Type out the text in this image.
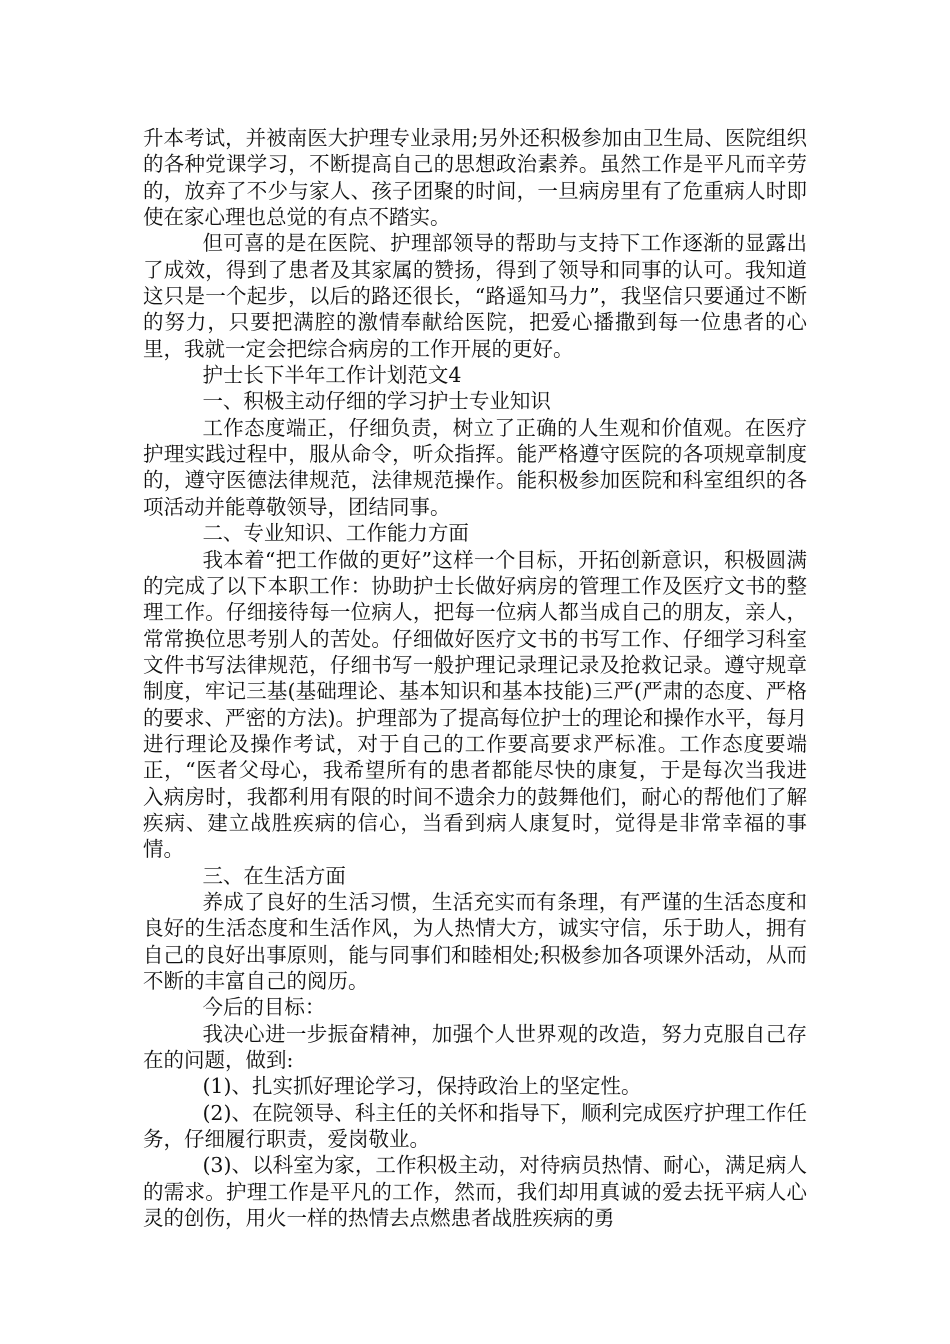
升本考试，并被南医大护理专业录用;另外还积极参加由卫生局、医院组织的各种党课学习，不断提高自己的思想政治素养。虽然工作是平凡而辛劳的，放弃了不少与家人、孩子团聚的时间，一旦病房里有了危重病人时即使在家心理也总觉的有点不踏实。

但可喜的是在医院、护理部领导的帮助与支持下工作逐渐的显露出了成效，得到了患者及其家属的赞扬，得到了领导和同事的认可。我知道这只是一个起步，以后的路还很长，“路遥知马力”，我坚信只要通过不断的努力，只要把满腔的激情奉献给医院，把爱心播撒到每一位患者的心里，我就一定会把综合病房的工作开展的更好。

护士长下半年工作计划范文4

一、积极主动仔细的学习护士专业知识

工作态度端正，仔细负责，树立了正确的人生观和价值观。在医疗护理实践过程中，服从命令，听众指挥。能严格遵守医院的各项规章制度的，遵守医德法律规范，法律规范操作。能积极参加医院和科室组织的各项活动并能尊敬领导，团结同事。

二、专业知识、工作能力方面

我本着“把工作做的更好”这样一个目标，开拓创新意识，积极圆满的完成了以下本职工作：协助护士长做好病房的管理工作及医疗文书的整理工作。仔细接待每一位病人，把每一位病人都当成自己的朋友，亲人，常常换位思考别人的苦处。仔细做好医疗文书的书写工作、仔细学习科室文件书写法律规范，仔细书写一般护理记录理记录及抢救记录。遵守规章制度，牢记三基(基础理论、基本知识和基本技能)三严(严肃的态度、严格的要求、严密的方法)。护理部为了提高每位护士的理论和操作水平，每月进行理论及操作考试，对于自己的工作要高要求严标准。工作态度要端正，“医者父母心，我希望所有的患者都能尽快的康复，于是每次当我进入病房时，我都利用有限的时间不遗余力的鼓舞他们，耐心的帮他们了解疾病、建立战胜疾病的信心，当看到病人康复时，觉得是非常幸福的事情。

三、在生活方面

养成了良好的生活习惯，生活充实而有条理，有严谨的生活态度和良好的生活态度和生活作风，为人热情大方，诚实守信，乐于助人，拥有自己的良好出事原则，能与同事们和睦相处;积极参加各项课外活动，从而不断的丰富自己的阅历。

今后的目标：

我决心进一步振奋精神，加强个人世界观的改造，努力克服自己存在的问题，做到:

(1)、扎实抓好理论学习，保持政治上的坚定性。

(2)、在院领导、科主任的关怀和指导下，顺利完成医疗护理工作任务，仔细履行职责，爱岗敬业。

(3)、以科室为家，工作积极主动，对待病员热情、耐心，满足病人的需求。护理工作是平凡的工作，然而，我们却用真诚的爱去抚平病人心灵的创伤，用火一样的热情去点燃患者战胜疾病的勇
